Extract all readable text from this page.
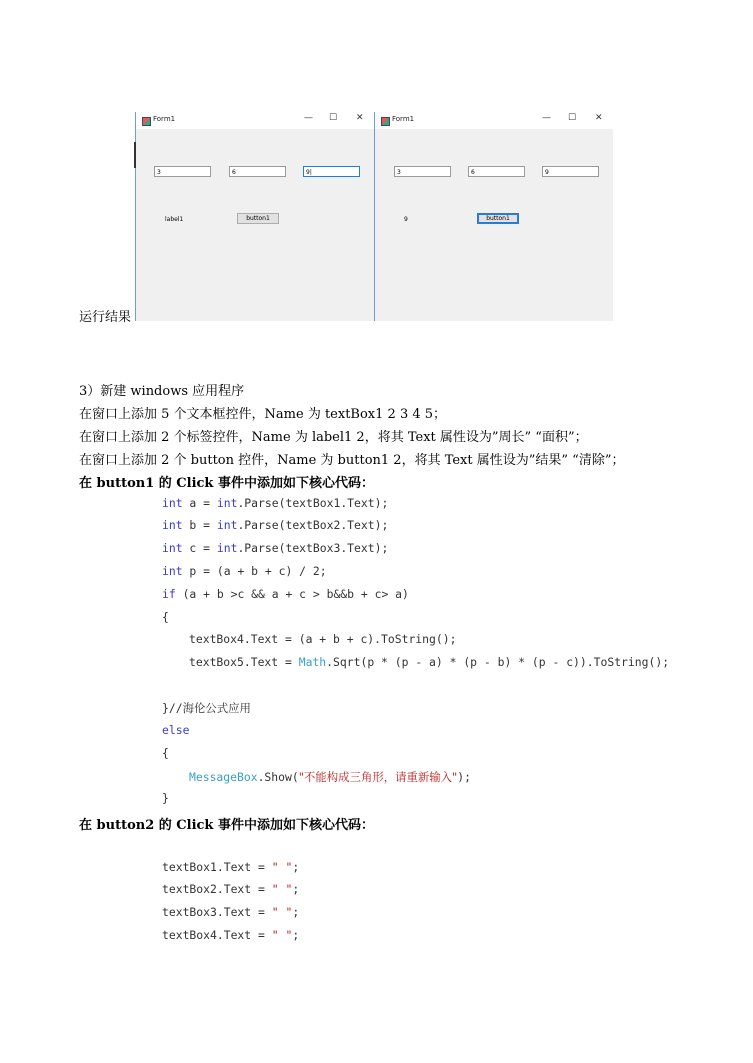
运行结果
Form1	— ☐ ✕
3	6	9|
label1	button1
Form1	— ☐ ✕
3	6	9
9	button1
3）新建 windows 应用程序
在窗口上添加 5 个文本框控件，Name 为 textBox1 2 3 4 5；
在窗口上添加 2 个标签控件，Name 为 label1 2，将其 Text 属性设为”周长” “面积”；
在窗口上添加 2 个 button 控件，Name 为 button1 2，将其 Text 属性设为”结果” “清除”；
在 button1 的 Click 事件中添加如下核心代码：
int a = int.Parse(textBox1.Text);
int b = int.Parse(textBox2.Text);
int c = int.Parse(textBox3.Text);
int p = (a + b + c) / 2;
if (a + b >c && a + c > b&&b + c> a)
{
textBox4.Text = (a + b + c).ToString();
textBox5.Text = Math.Sqrt(p * (p - a) * (p - b) * (p - c)).ToString();
}//海伦公式应用
else
{
MessageBox.Show("不能构成三角形，请重新输入");
}
在 button2 的 Click 事件中添加如下核心代码：
textBox1.Text = " ";
textBox2.Text = " ";
textBox3.Text = " ";
textBox4.Text = " ";
